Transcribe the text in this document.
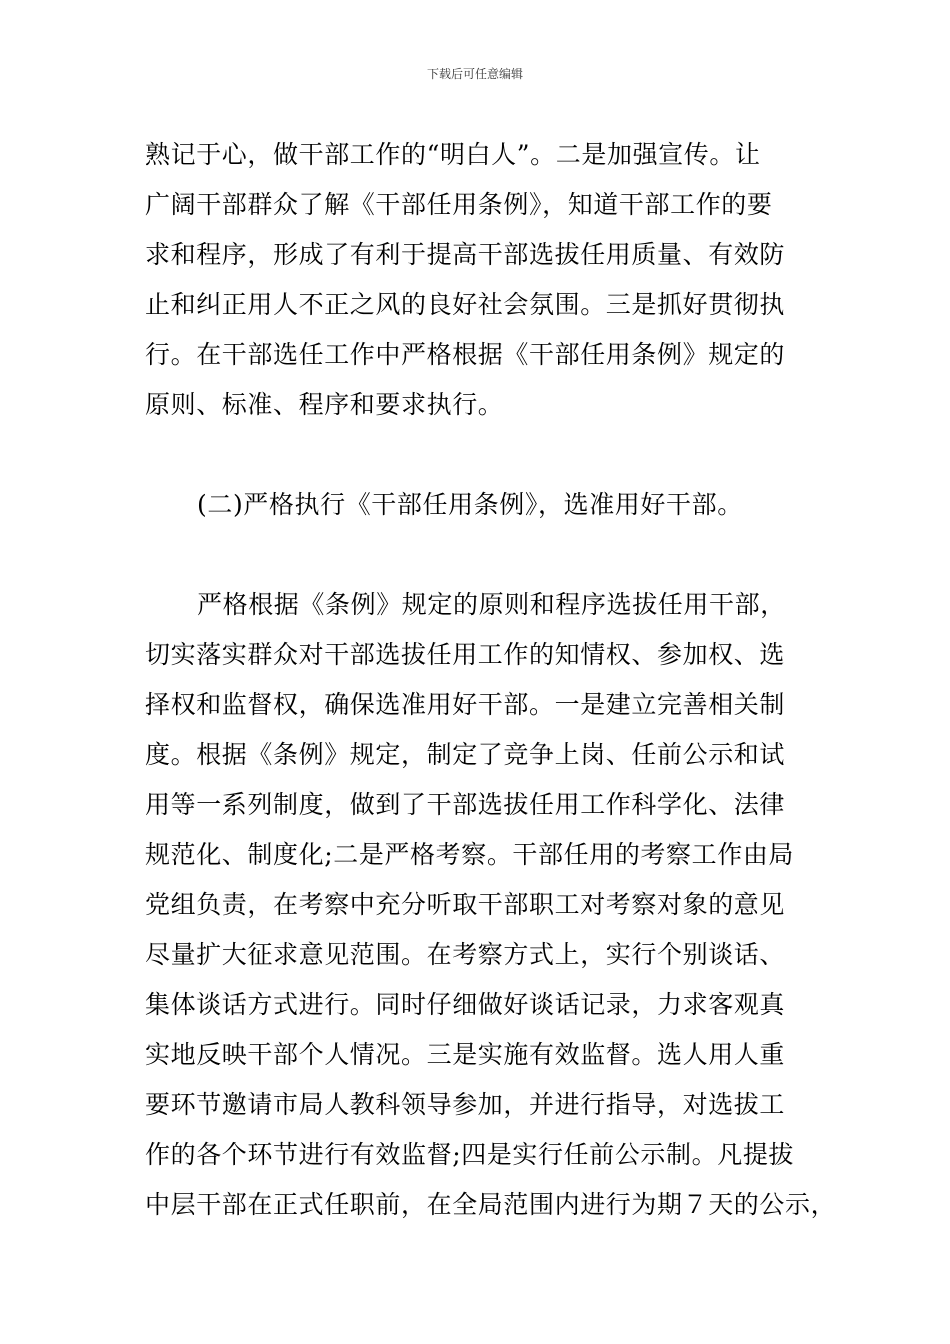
下载后可任意编辑
熟记于心，做干部工作的“明白人”。二是加强宣传。让
广阔干部群众了解《干部任用条例》，知道干部工作的要
求和程序，形成了有利于提高干部选拔任用质量、有效防
止和纠正用人不正之风的良好社会氛围。三是抓好贯彻执
行。在干部选任工作中严格根据《干部任用条例》规定的
原则、标准、程序和要求执行。
(二)严格执行《干部任用条例》，选准用好干部。
严格根据《条例》规定的原则和程序选拔任用干部，
切实落实群众对干部选拔任用工作的知情权、参加权、选
择权和监督权，确保选准用好干部。一是建立完善相关制
度。根据《条例》规定，制定了竞争上岗、任前公示和试
用等一系列制度，做到了干部选拔任用工作科学化、法律
规范化、制度化;二是严格考察。干部任用的考察工作由局
党组负责，在考察中充分听取干部职工对考察对象的意见
尽量扩大征求意见范围。在考察方式上，实行个别谈话、
集体谈话方式进行。同时仔细做好谈话记录，力求客观真
实地反映干部个人情况。三是实施有效监督。选人用人重
要环节邀请市局人教科领导参加，并进行指导，对选拔工
作的各个环节进行有效监督;四是实行任前公示制。凡提拔
中层干部在正式任职前，在全局范围内进行为期７天的公示，
